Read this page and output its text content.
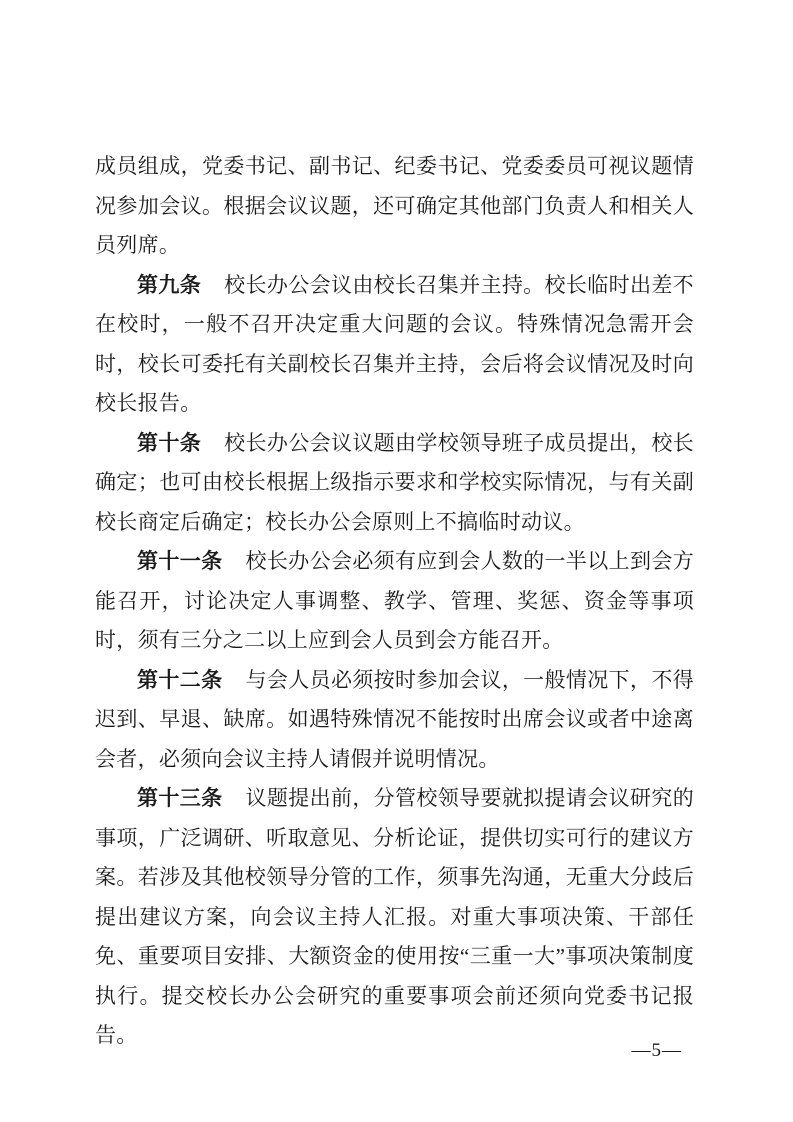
成员组成，党委书记、副书记、纪委书记、党委委员可视议题情况参加会议。根据会议议题，还可确定其他部门负责人和相关人员列席。

第九条 校长办公会议由校长召集并主持。校长临时出差不在校时，一般不召开决定重大问题的会议。特殊情况急需开会时，校长可委托有关副校长召集并主持，会后将会议情况及时向校长报告。

第十条 校长办公会议议题由学校领导班子成员提出，校长确定；也可由校长根据上级指示要求和学校实际情况，与有关副校长商定后确定；校长办公会原则上不搞临时动议。

第十一条 校长办公会必须有应到会人数的一半以上到会方能召开，讨论决定人事调整、教学、管理、奖惩、资金等事项时，须有三分之二以上应到会人员到会方能召开。

第十二条 与会人员必须按时参加会议，一般情况下，不得迟到、早退、缺席。如遇特殊情况不能按时出席会议或者中途离会者，必须向会议主持人请假并说明情况。

第十三条 议题提出前，分管校领导要就拟提请会议研究的事项，广泛调研、听取意见、分析论证，提供切实可行的建议方案。若涉及其他校领导分管的工作，须事先沟通，无重大分歧后提出建议方案，向会议主持人汇报。对重大事项决策、干部任免、重要项目安排、大额资金的使用按“三重一大”事项决策制度执行。提交校长办公会研究的重要事项会前还须向党委书记报告。

—5—
